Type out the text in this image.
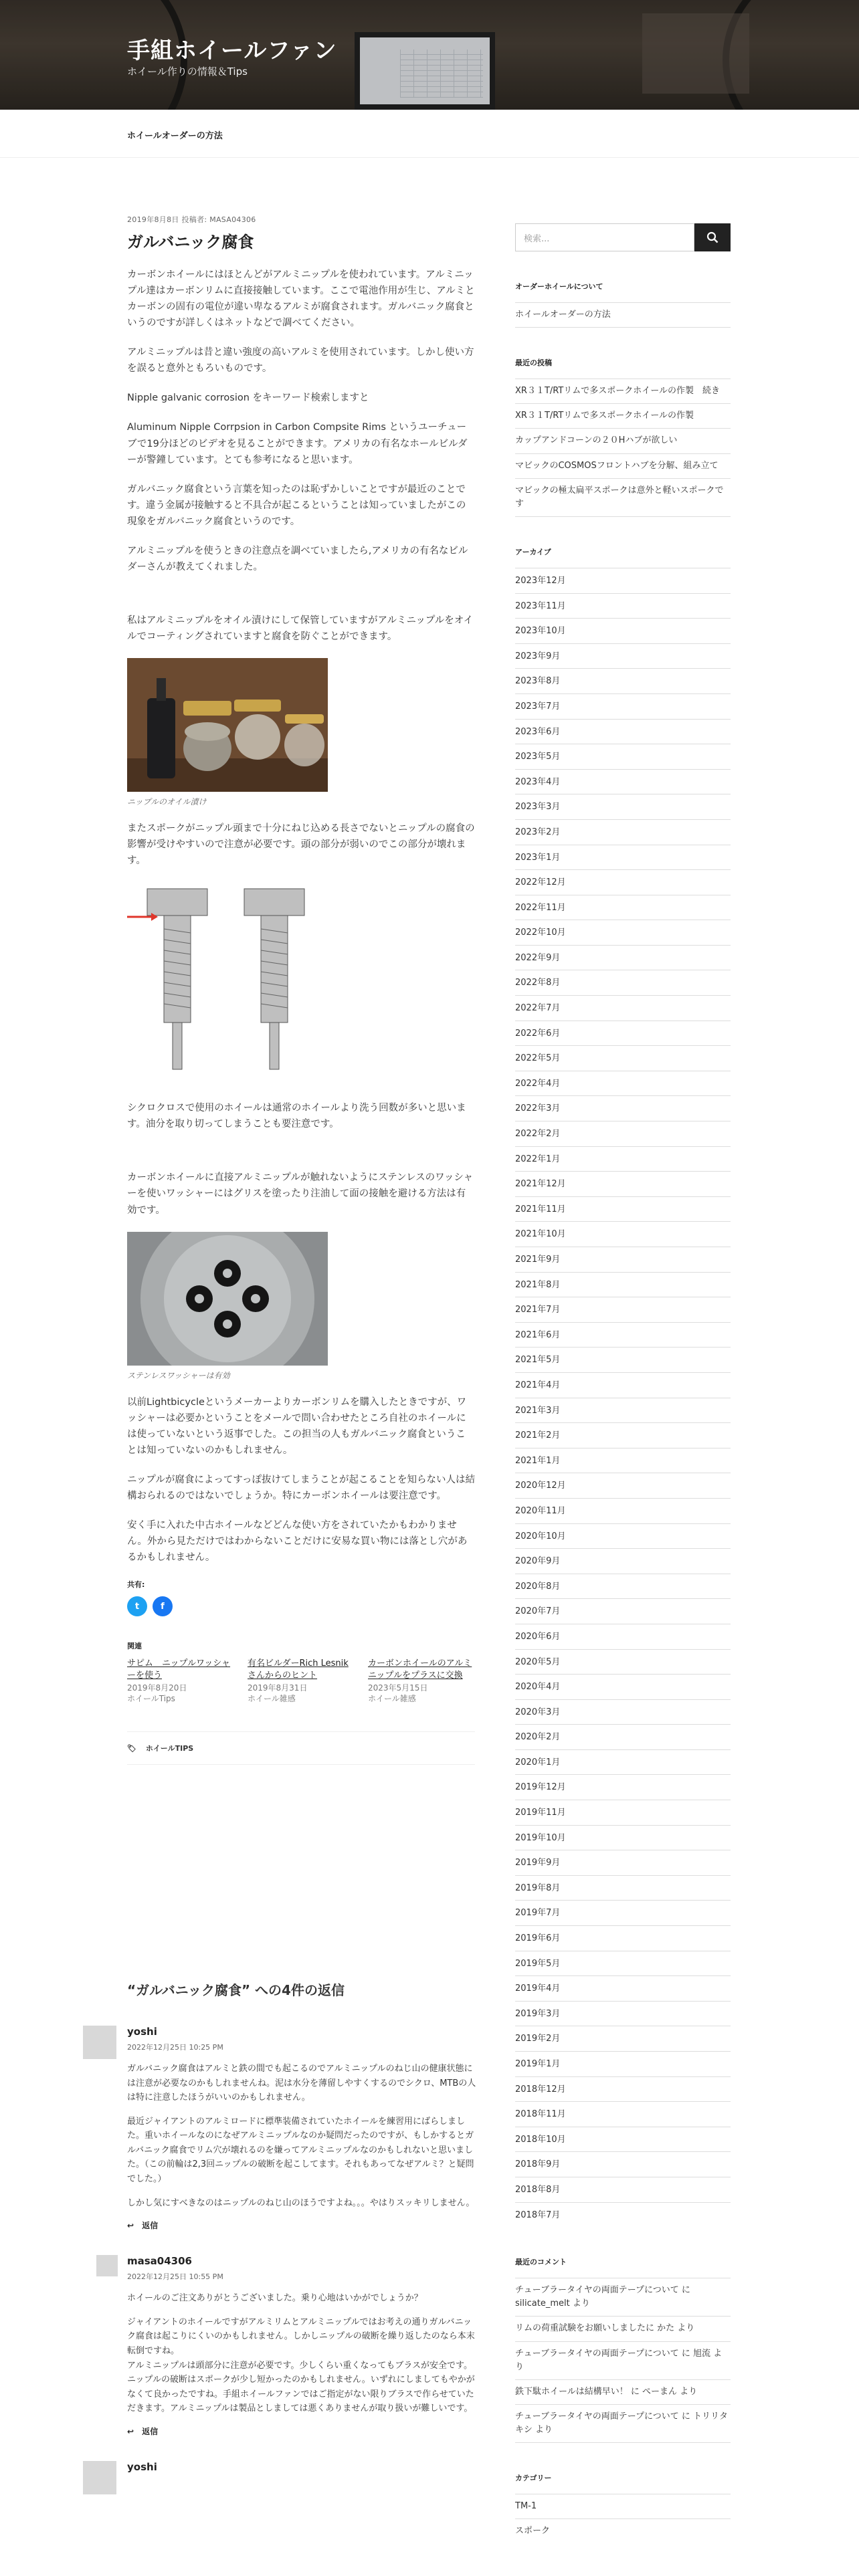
手組ホイールファン
ホイール作りの情報＆Tips
ホイールオーダーの方法
2019年8月8日 投稿者: MASA04306
ガルバニック腐食

カーボンホイールにはほとんどがアルミニップルを使われています。アルミニップル達はカーボンリムに直接接触しています。ここで電池作用が生じ、アルミとカーボンの固有の電位が違い卑なるアルミが腐食されます。ガルバニック腐食というのですが詳しくはネットなどで調べてください。

アルミニップルは昔と違い強度の高いアルミを使用されています。しかし使い方を誤ると意外ともろいものです。

Nipple galvanic corrosion をキーワード検索しますと

Aluminum Nipple Corrpsion in Carbon Compsite Rims というユーチューブで19分ほどのビデオを見ることができます。アメリカの有名なホールビルダーが警鐘しています。とても参考になると思います。

ガルバニック腐食という言葉を知ったのは恥ずかしいことですが最近のことです。違う金属が接触すると不具合が起こるということは知っていましたがこの現象をガルバニック腐食というのです。

アルミニップルを使うときの注意点を調べていましたら,アメリカの有名なビルダーさんが教えてくれました。

私はアルミニップルをオイル漬けにして保管していますがアルミニップルをオイルでコーティングされていますと腐食を防ぐことができます。

ニップルのオイル漬け

またスポークがニップル頭まで十分にねじ込める長さでないとニップルの腐食の影響が受けやすいので注意が必要です。頭の部分が弱いのでこの部分が壊れます。

シクロクロスで使用のホイールは通常のホイールより洗う回数が多いと思います。油分を取り切ってしまうことも要注意です。

カーボンホイールに直接アルミニップルが触れないようにステンレスのワッシャーを使いワッシャーにはグリスを塗ったり注油して面の接触を避ける方法は有効です。

ステンレスワッシャーは有効

以前Lightbicycleというメーカーよりカーボンリムを購入したときですが、ワッシャーは必要かということをメールで問い合わせたところ自社のホイールには使っていないという返事でした。この担当の人もガルバニック腐食ということは知っていないのかもしれません。

ニップルが腐食によってすっぽ抜けてしまうことが起こることを知らない人は結構おられるのではないでしょうか。特にカーボンホイールは要注意です。

安く手に入れた中古ホイールなどどんな使い方をされていたかもわかりません。外から見ただけではわからないことだけに安易な買い物には落とし穴があるかもしれません。

共有:
t	f
関連
サピム　ニップルワッシャーを使う
2019年8月20日
ホイールTips
有名ビルダーRich Lesnikさんからのヒント
2019年8月31日
ホイール雑感
カーボンホイールのアルミニップルをプラスに交換
2023年5月15日
ホイール雑感
🏷 ホイールTIPS
“ガルバニック腐食” への4件の返信
yoshi
2022年12月25日 10:25 PM

ガルバニック腐食はアルミと鉄の間でも起こるのでアルミニップルのねじ山の健康状態には注意が必要なのかもしれませんね。泥は水分を薄留しやすくするのでシクロ、MTBの人は特に注意したほうがいいのかもしれません。

最近ジャイアントのアルミロードに標準装備されていたホイールを練習用にばらしました。重いホイールなのになぜアルミニップルなのか疑問だったのですが、もしかするとガルバニック腐食でリム穴が壊れるのを嫌ってアルミニップルなのかもしれないと思いました。（この前輪は2,3回ニップルの破断を起こしてます。それもあってなぜアルミ？と疑問でした。）

しかし気にすべきなのはニップルのねじ山のほうですよね。。。やはりスッキリしません。

↩　 返信
masa04306
2022年12月25日 10:55 PM

ホイールのご注文ありがとうございました。乗り心地はいかがでしょうか？

ジャイアントのホイールですがアルミリムとアルミニップルではお考えの通りガルバニック腐食は起こりにくいのかもしれません。しかしニップルの破断を繰り返したのなら本末転倒ですね。
アルミニップルは頭部分に注意が必要です。少しくらい重くなってもブラスが安全です。ニップルの破断はスポークが少し短かったのかもしれません。いずれにしましてもやかがなくて良かったですね。手組ホイールファンではご指定がない限りブラスで作らせていただきます。アルミニップルは製品としましては悪くありませんが取り扱いが難しいです。

↩　 返信
yoshi
検索...
オーダーホイールについて
ホイールオーダーの方法
最近の投稿
XR３１T/RTリムで多スポークホイールの作製　続き
XR３１T/RTリムで多スポークホイールの作製
カップアンドコーンの２０Hハブが欲しい
マビックのCOSMOSフロントハブを分解、組み立て
マビックの極太扁平スポークは意外と軽いスポークです
アーカイブ
2023年12月
2023年11月
2023年10月
2023年9月
2023年8月
2023年7月
2023年6月
2023年5月
2023年4月
2023年3月
2023年2月
2023年1月
2022年12月
2022年11月
2022年10月
2022年9月
2022年8月
2022年7月
2022年6月
2022年5月
2022年4月
2022年3月
2022年2月
2022年1月
2021年12月
2021年11月
2021年10月
2021年9月
2021年8月
2021年7月
2021年6月
2021年5月
2021年4月
2021年3月
2021年2月
2021年1月
2020年12月
2020年11月
2020年10月
2020年9月
2020年8月
2020年7月
2020年6月
2020年5月
2020年4月
2020年3月
2020年2月
2020年1月
2019年12月
2019年11月
2019年10月
2019年9月
2019年8月
2019年7月
2019年6月
2019年5月
2019年4月
2019年3月
2019年2月
2019年1月
2018年12月
2018年11月
2018年10月
2018年9月
2018年8月
2018年7月
最近のコメント
チューブラータイヤの両面テープについて に silicate_melt より
リムの荷重試験をお願いしましたに かた より
チューブラータイヤの両面テープについて に 旭流 より
鉄下駄ホイールは結構早い！ に ぺーまん より
チューブラータイヤの両面テープについて に トリリタキシ より
カテゴリー
TM-1
スポーク
